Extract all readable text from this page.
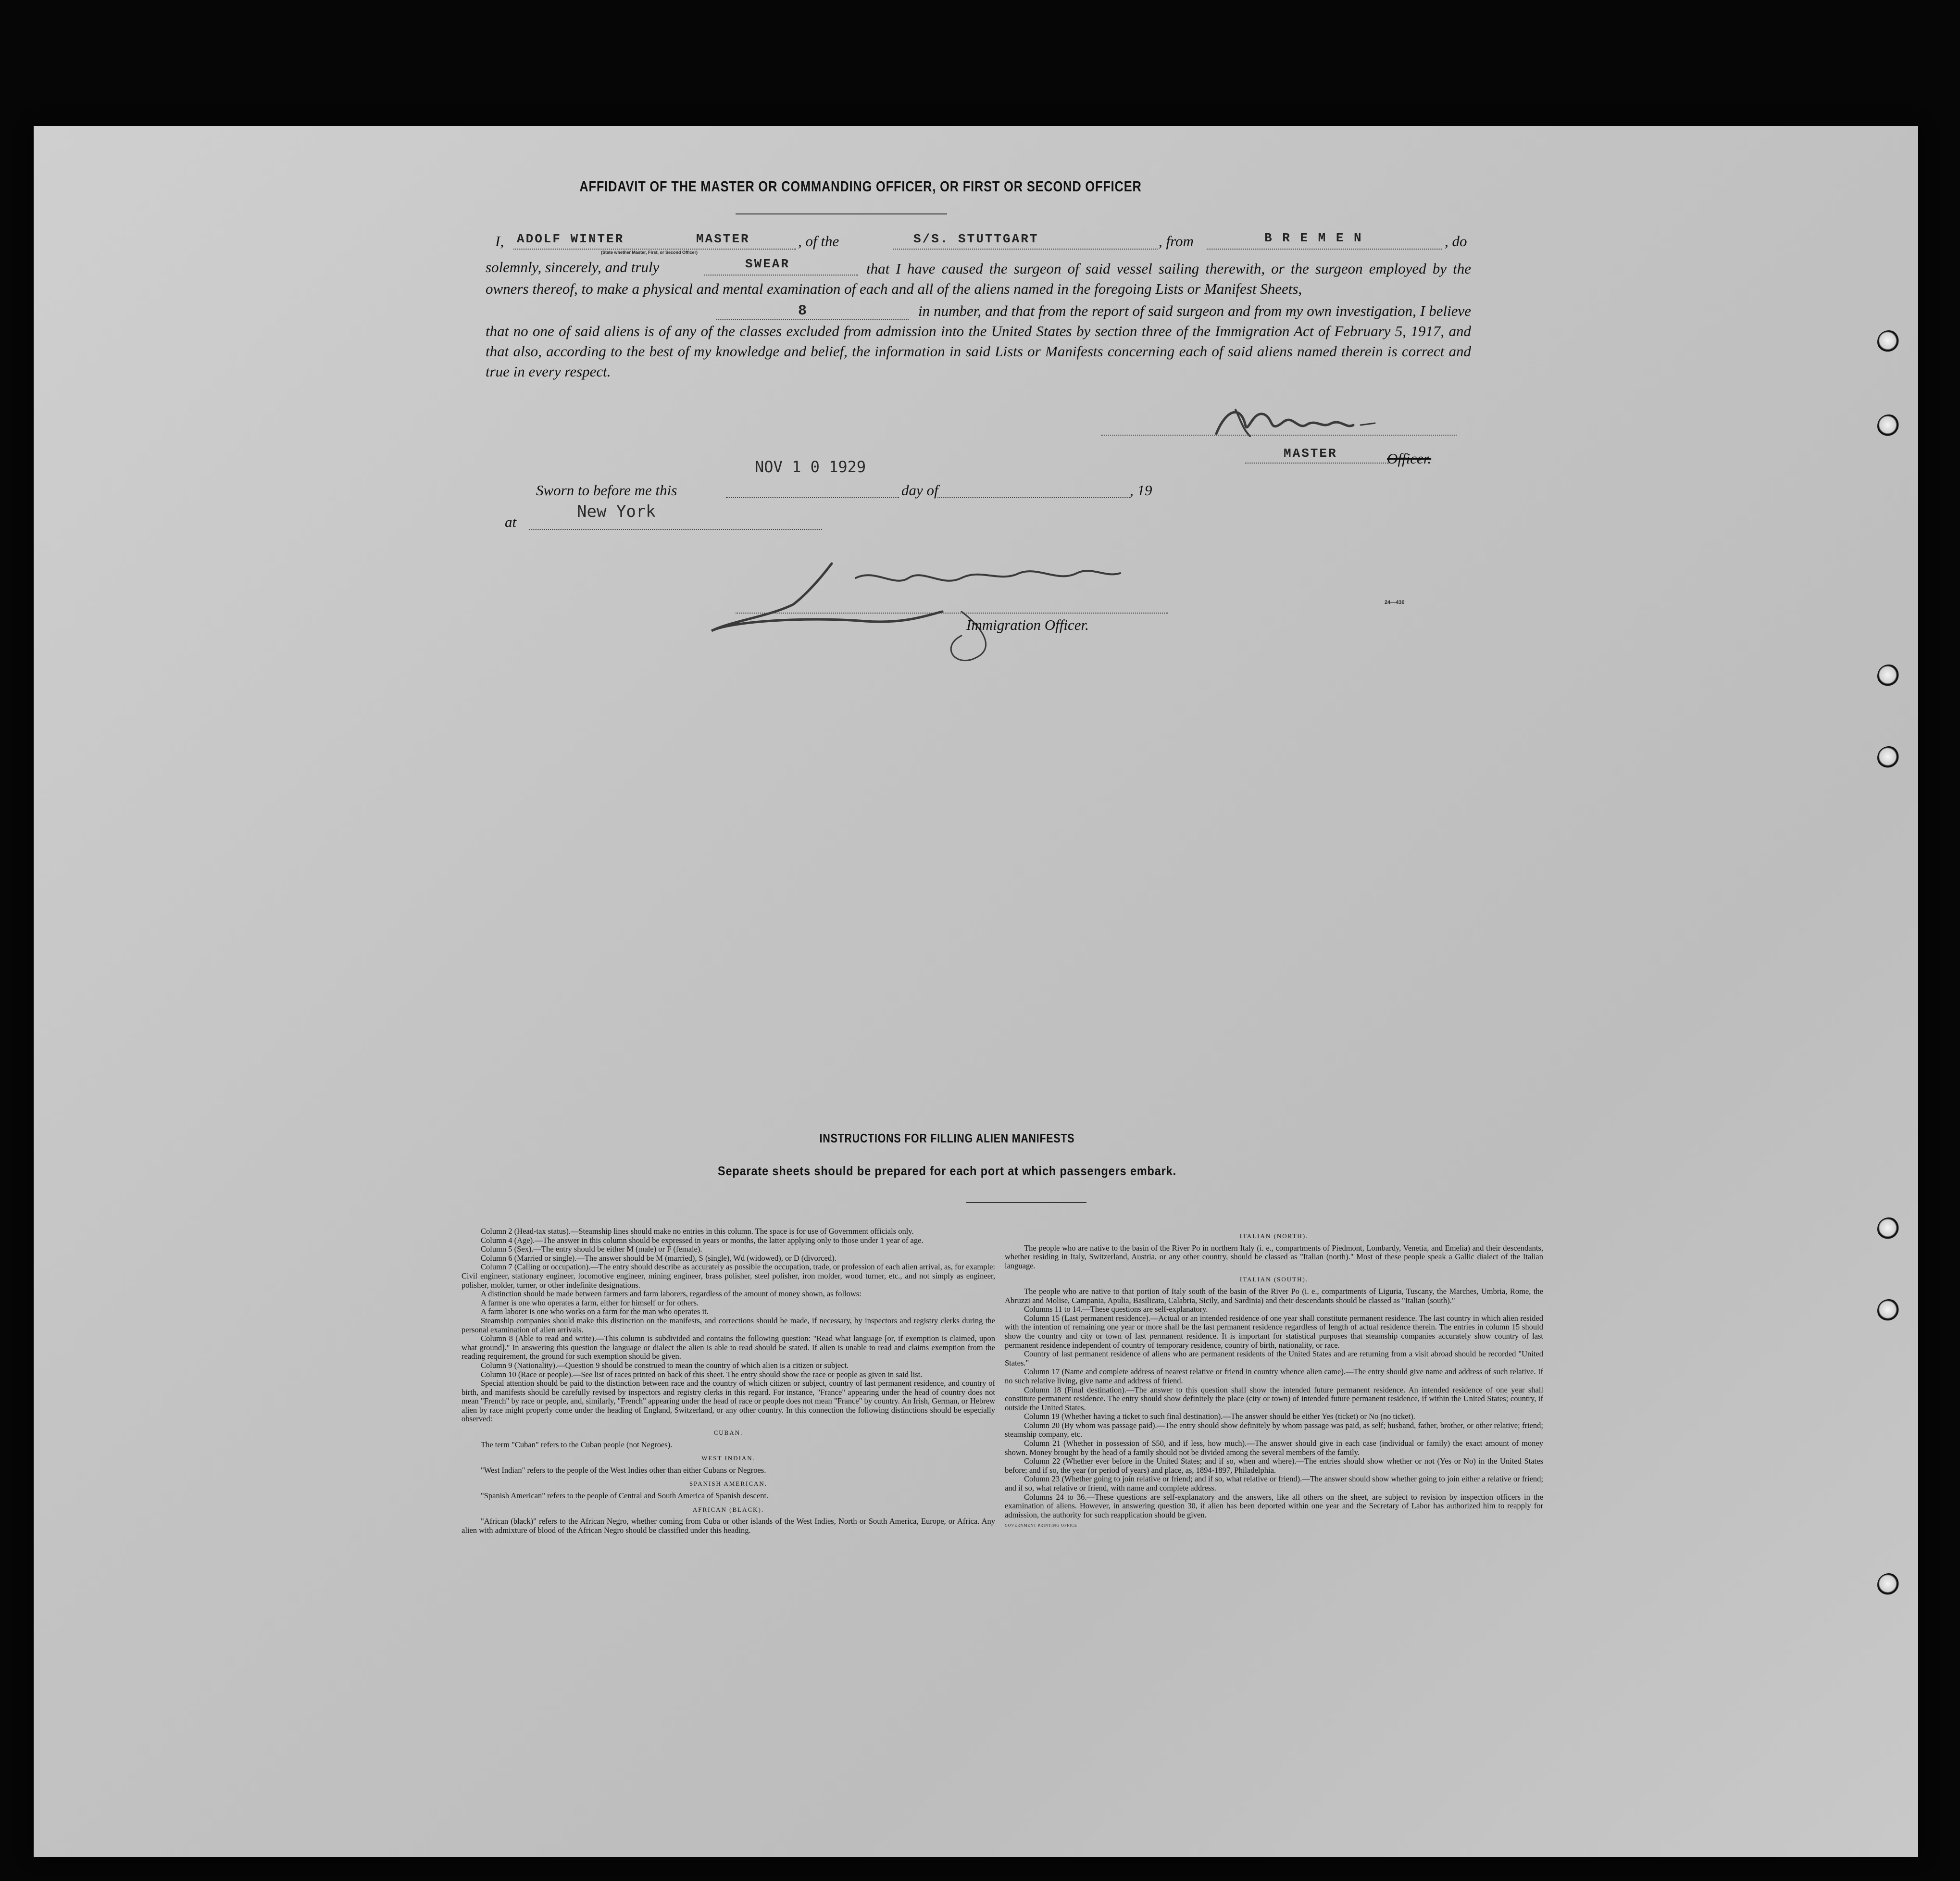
AFFIDAVIT OF THE MASTER OR COMMANDING OFFICER, OR FIRST OR SECOND OFFICER
I, ADOLF WINTER	MASTER
(State whether Master, First, or Second Officer)
, of the	S/S. STUTTGART	, from	B R E M E N	, do
solemnly, sincerely, and truly	SWEAR	that I have caused the surgeon of said vessel sailing therewith, or the surgeon employed by the owners thereof, to make a physical and mental examination of each and all of the aliens named in the foregoing Lists or Manifest Sheets,
8	in number, and that from the report of said surgeon and from my own investigation, I believe that no one of said aliens is of any of the classes excluded from admission into the United States by section three of the Immigration Act of February 5, 1917, and that also, according to the best of my knowledge and belief, the information in said Lists or Manifests concerning each of said aliens named therein is correct and true in every respect.
MASTER	Officer.
NOV 1 0 1929
Sworn to before me this	day of	, 19
at
New York
Immigration Officer.
24—430
INSTRUCTIONS FOR FILLING ALIEN MANIFESTS
Separate sheets should be prepared for each port at which passengers embark.

Column 2 (Head-tax status).—Steamship lines should make no entries in this column. The space is for use of Government officials only.

Column 4 (Age).—The answer in this column should be expressed in years or months, the latter applying only to those under 1 year of age.

Column 5 (Sex).—The entry should be either M (male) or F (female).

Column 6 (Married or single).—The answer should be M (married), S (single), Wd (widowed), or D (divorced).

Column 7 (Calling or occupation).—The entry should describe as accurately as possible the occupation, trade, or profession of each alien arrival, as, for example: Civil engineer, stationary engineer, locomotive engineer, mining engineer, brass polisher, steel polisher, iron molder, wood turner, etc., and not simply as engineer, polisher, molder, turner, or other indefinite designations.

A distinction should be made between farmers and farm laborers, regardless of the amount of money shown, as follows:

A farmer is one who operates a farm, either for himself or for others.

A farm laborer is one who works on a farm for the man who operates it.

Steamship companies should make this distinction on the manifests, and corrections should be made, if necessary, by inspectors and registry clerks during the personal examination of alien arrivals.

Column 8 (Able to read and write).—This column is subdivided and contains the following question: "Read what language [or, if exemption is claimed, upon what ground]." In answering this question the language or dialect the alien is able to read should be stated. If alien is unable to read and claims exemption from the reading requirement, the ground for such exemption should be given.

Column 9 (Nationality).—Question 9 should be construed to mean the country of which alien is a citizen or subject.

Column 10 (Race or people).—See list of races printed on back of this sheet. The entry should show the race or people as given in said list.

Special attention should be paid to the distinction between race and the country of which citizen or subject, country of last permanent residence, and country of birth, and manifests should be carefully revised by inspectors and registry clerks in this regard. For instance, "France" appearing under the head of country does not mean "French" by race or people, and, similarly, "French" appearing under the head of race or people does not mean "France" by country. An Irish, German, or Hebrew alien by race might properly come under the heading of England, Switzerland, or any other country. In this connection the following distinctions should be especially observed:

CUBAN.

The term "Cuban" refers to the Cuban people (not Negroes).

WEST INDIAN.

"West Indian" refers to the people of the West Indies other than either Cubans or Negroes.

SPANISH AMERICAN.

"Spanish American" refers to the people of Central and South America of Spanish descent.

AFRICAN (BLACK).

"African (black)" refers to the African Negro, whether coming from Cuba or other islands of the West Indies, North or South America, Europe, or Africa. Any alien with admixture of blood of the African Negro should be classified under this heading.

ITALIAN (NORTH).

The people who are native to the basin of the River Po in northern Italy (i. e., compartments of Piedmont, Lombardy, Venetia, and Emelia) and their descendants, whether residing in Italy, Switzerland, Austria, or any other country, should be classed as "Italian (north)." Most of these people speak a Gallic dialect of the Italian language.

ITALIAN (SOUTH).

The people who are native to that portion of Italy south of the basin of the River Po (i. e., compartments of Liguria, Tuscany, the Marches, Umbria, Rome, the Abruzzi and Molise, Campania, Apulia, Basilicata, Calabria, Sicily, and Sardinia) and their descendants should be classed as "Italian (south)."

Columns 11 to 14.—These questions are self-explanatory.

Column 15 (Last permanent residence).—Actual or an intended residence of one year shall constitute permanent residence. The last country in which alien resided with the intention of remaining one year or more shall be the last permanent residence regardless of length of actual residence therein. The entries in column 15 should show the country and city or town of last permanent residence. It is important for statistical purposes that steamship companies accurately show country of last permanent residence independent of country of temporary residence, country of birth, nationality, or race.

Country of last permanent residence of aliens who are permanent residents of the United States and are returning from a visit abroad should be recorded "United States."

Column 17 (Name and complete address of nearest relative or friend in country whence alien came).—The entry should give name and address of such relative. If no such relative living, give name and address of friend.

Column 18 (Final destination).—The answer to this question shall show the intended future permanent residence. An intended residence of one year shall constitute permanent residence. The entry should show definitely the place (city or town) of intended future permanent residence, if within the United States; country, if outside the United States.

Column 19 (Whether having a ticket to such final destination).—The answer should be either Yes (ticket) or No (no ticket).

Column 20 (By whom was passage paid).—The entry should show definitely by whom passage was paid, as self; husband, father, brother, or other relative; friend; steamship company, etc.

Column 21 (Whether in possession of $50, and if less, how much).—The answer should give in each case (individual or family) the exact amount of money shown. Money brought by the head of a family should not be divided among the several members of the family.

Column 22 (Whether ever before in the United States; and if so, when and where).—The entries should show whether or not (Yes or No) in the United States before; and if so, the year (or period of years) and place, as, 1894-1897, Philadelphia.

Column 23 (Whether going to join relative or friend; and if so, what relative or friend).—The answer should show whether going to join either a relative or friend; and if so, what relative or friend, with name and complete address.

Columns 24 to 36.—These questions are self-explanatory and the answers, like all others on the sheet, are subject to revision by inspection officers in the examination of aliens. However, in answering question 30, if alien has been deported within one year and the Secretary of Labor has authorized him to reapply for admission, the authority for such reapplication should be given.

GOVERNMENT PRINTING OFFICE
